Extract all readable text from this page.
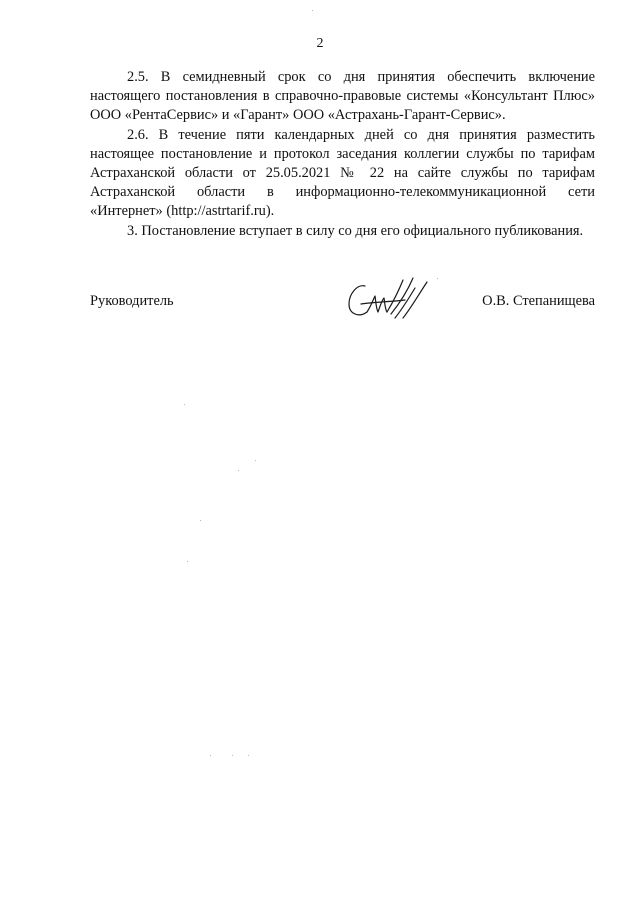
2

2.5. В семидневный срок со дня принятия обеспечить включение настоящего постановления в справочно-правовые системы «Консультант Плюс» ООО «РентаСервис» и «Гарант» ООО «Астрахань-Гарант-Сервис».

2.6. В течение пяти календарных дней со дня принятия разместить настоящее постановление и протокол заседания коллегии службы по тарифам Астраханской области от 25.05.2021 № 22 на сайте службы по тарифам Астраханской области в информационно-телекоммуникационной сети «Интернет» (http://astrtarif.ru).

3. Постановление вступает в силу со дня его официального публикования.

Руководитель	О.В. Степанищева
